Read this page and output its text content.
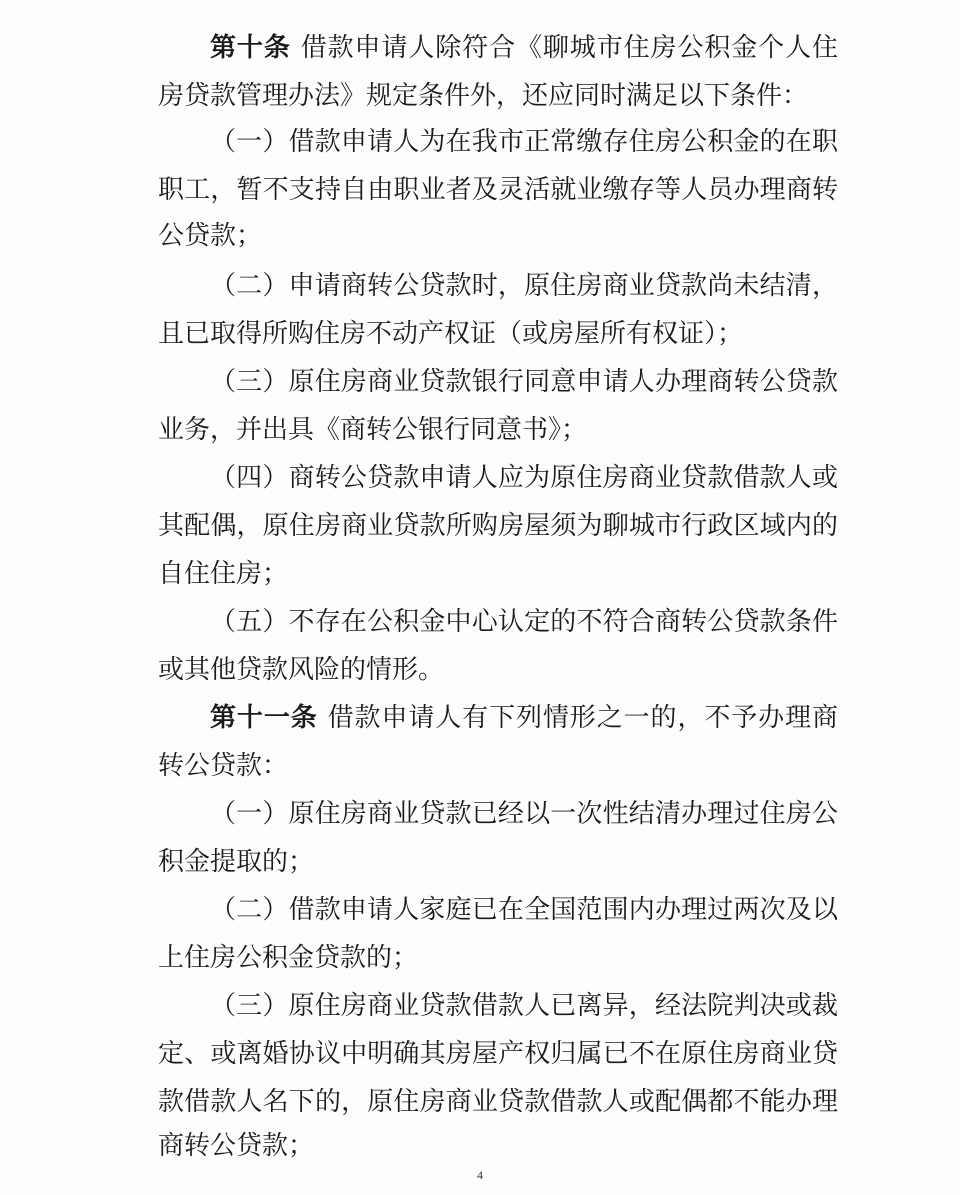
第十条 借款申请人除符合《聊城市住房公积金个人住
房贷款管理办法》规定条件外，还应同时满足以下条件：
（一）借款申请人为在我市正常缴存住房公积金的在职
职工，暂不支持自由职业者及灵活就业缴存等人员办理商转
公贷款；
（二）申请商转公贷款时，原住房商业贷款尚未结清，
且已取得所购住房不动产权证（或房屋所有权证）；
（三）原住房商业贷款银行同意申请人办理商转公贷款
业务，并出具《商转公银行同意书》；
（四）商转公贷款申请人应为原住房商业贷款借款人或
其配偶，原住房商业贷款所购房屋须为聊城市行政区域内的
自住住房；
（五）不存在公积金中心认定的不符合商转公贷款条件
或其他贷款风险的情形。
第十一条 借款申请人有下列情形之一的，不予办理商
转公贷款：
（一）原住房商业贷款已经以一次性结清办理过住房公
积金提取的；
（二）借款申请人家庭已在全国范围内办理过两次及以
上住房公积金贷款的；
（三）原住房商业贷款借款人已离异，经法院判决或裁
定、或离婚协议中明确其房屋产权归属已不在原住房商业贷
款借款人名下的，原住房商业贷款借款人或配偶都不能办理
商转公贷款；
4
